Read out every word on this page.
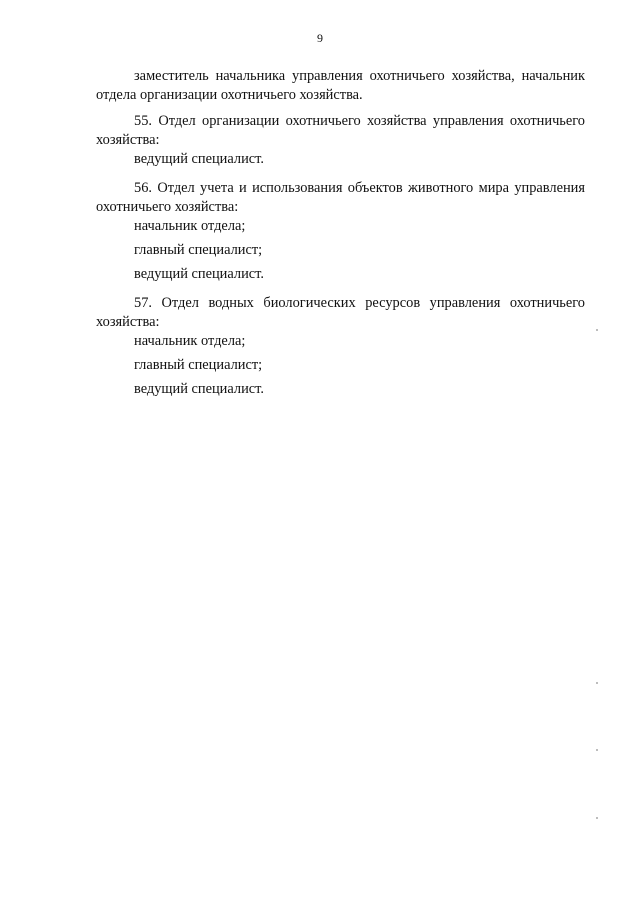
9

заместитель начальника управления охотничьего хозяйства, начальник отдела организации охотничьего хозяйства.

55. Отдел организации охотничьего хозяйства управления охотничьего хозяйства:

ведущий специалист.

56. Отдел учета и использования объектов животного мира управления охотничьего хозяйства:

начальник отдела;

главный специалист;

ведущий специалист.

57. Отдел водных биологических ресурсов управления охотничьего хозяйства:

начальник отдела;

главный специалист;

ведущий специалист.
